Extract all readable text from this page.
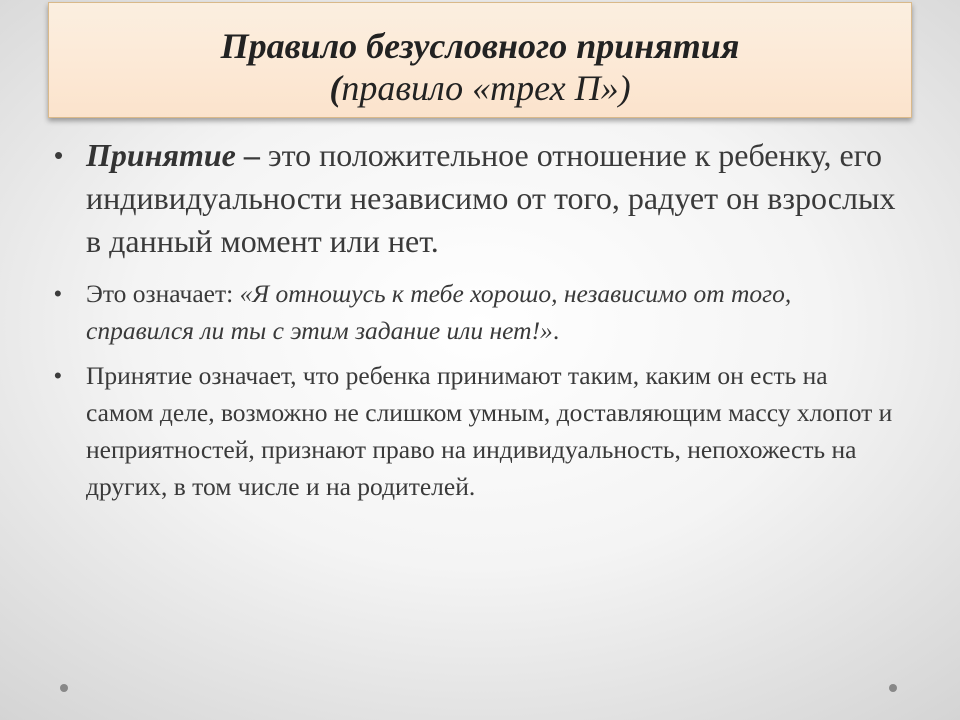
Правило безусловного принятия
(правило «трех П»)
• Принятие – это положительное отношение к ребенку, его индивидуальности независимо от того, радует он взрослых в данный момент или нет.
• Это означает: «Я отношусь к тебе хорошо, независимо от того, справился ли ты с этим задание или нет!».
• Принятие означает, что ребенка принимают таким, каким он есть на самом деле, возможно не слишком умным, доставляющим массу хлопот и неприятностей, признают право на индивидуальность, непохожесть на других, в том числе и на родителей.
